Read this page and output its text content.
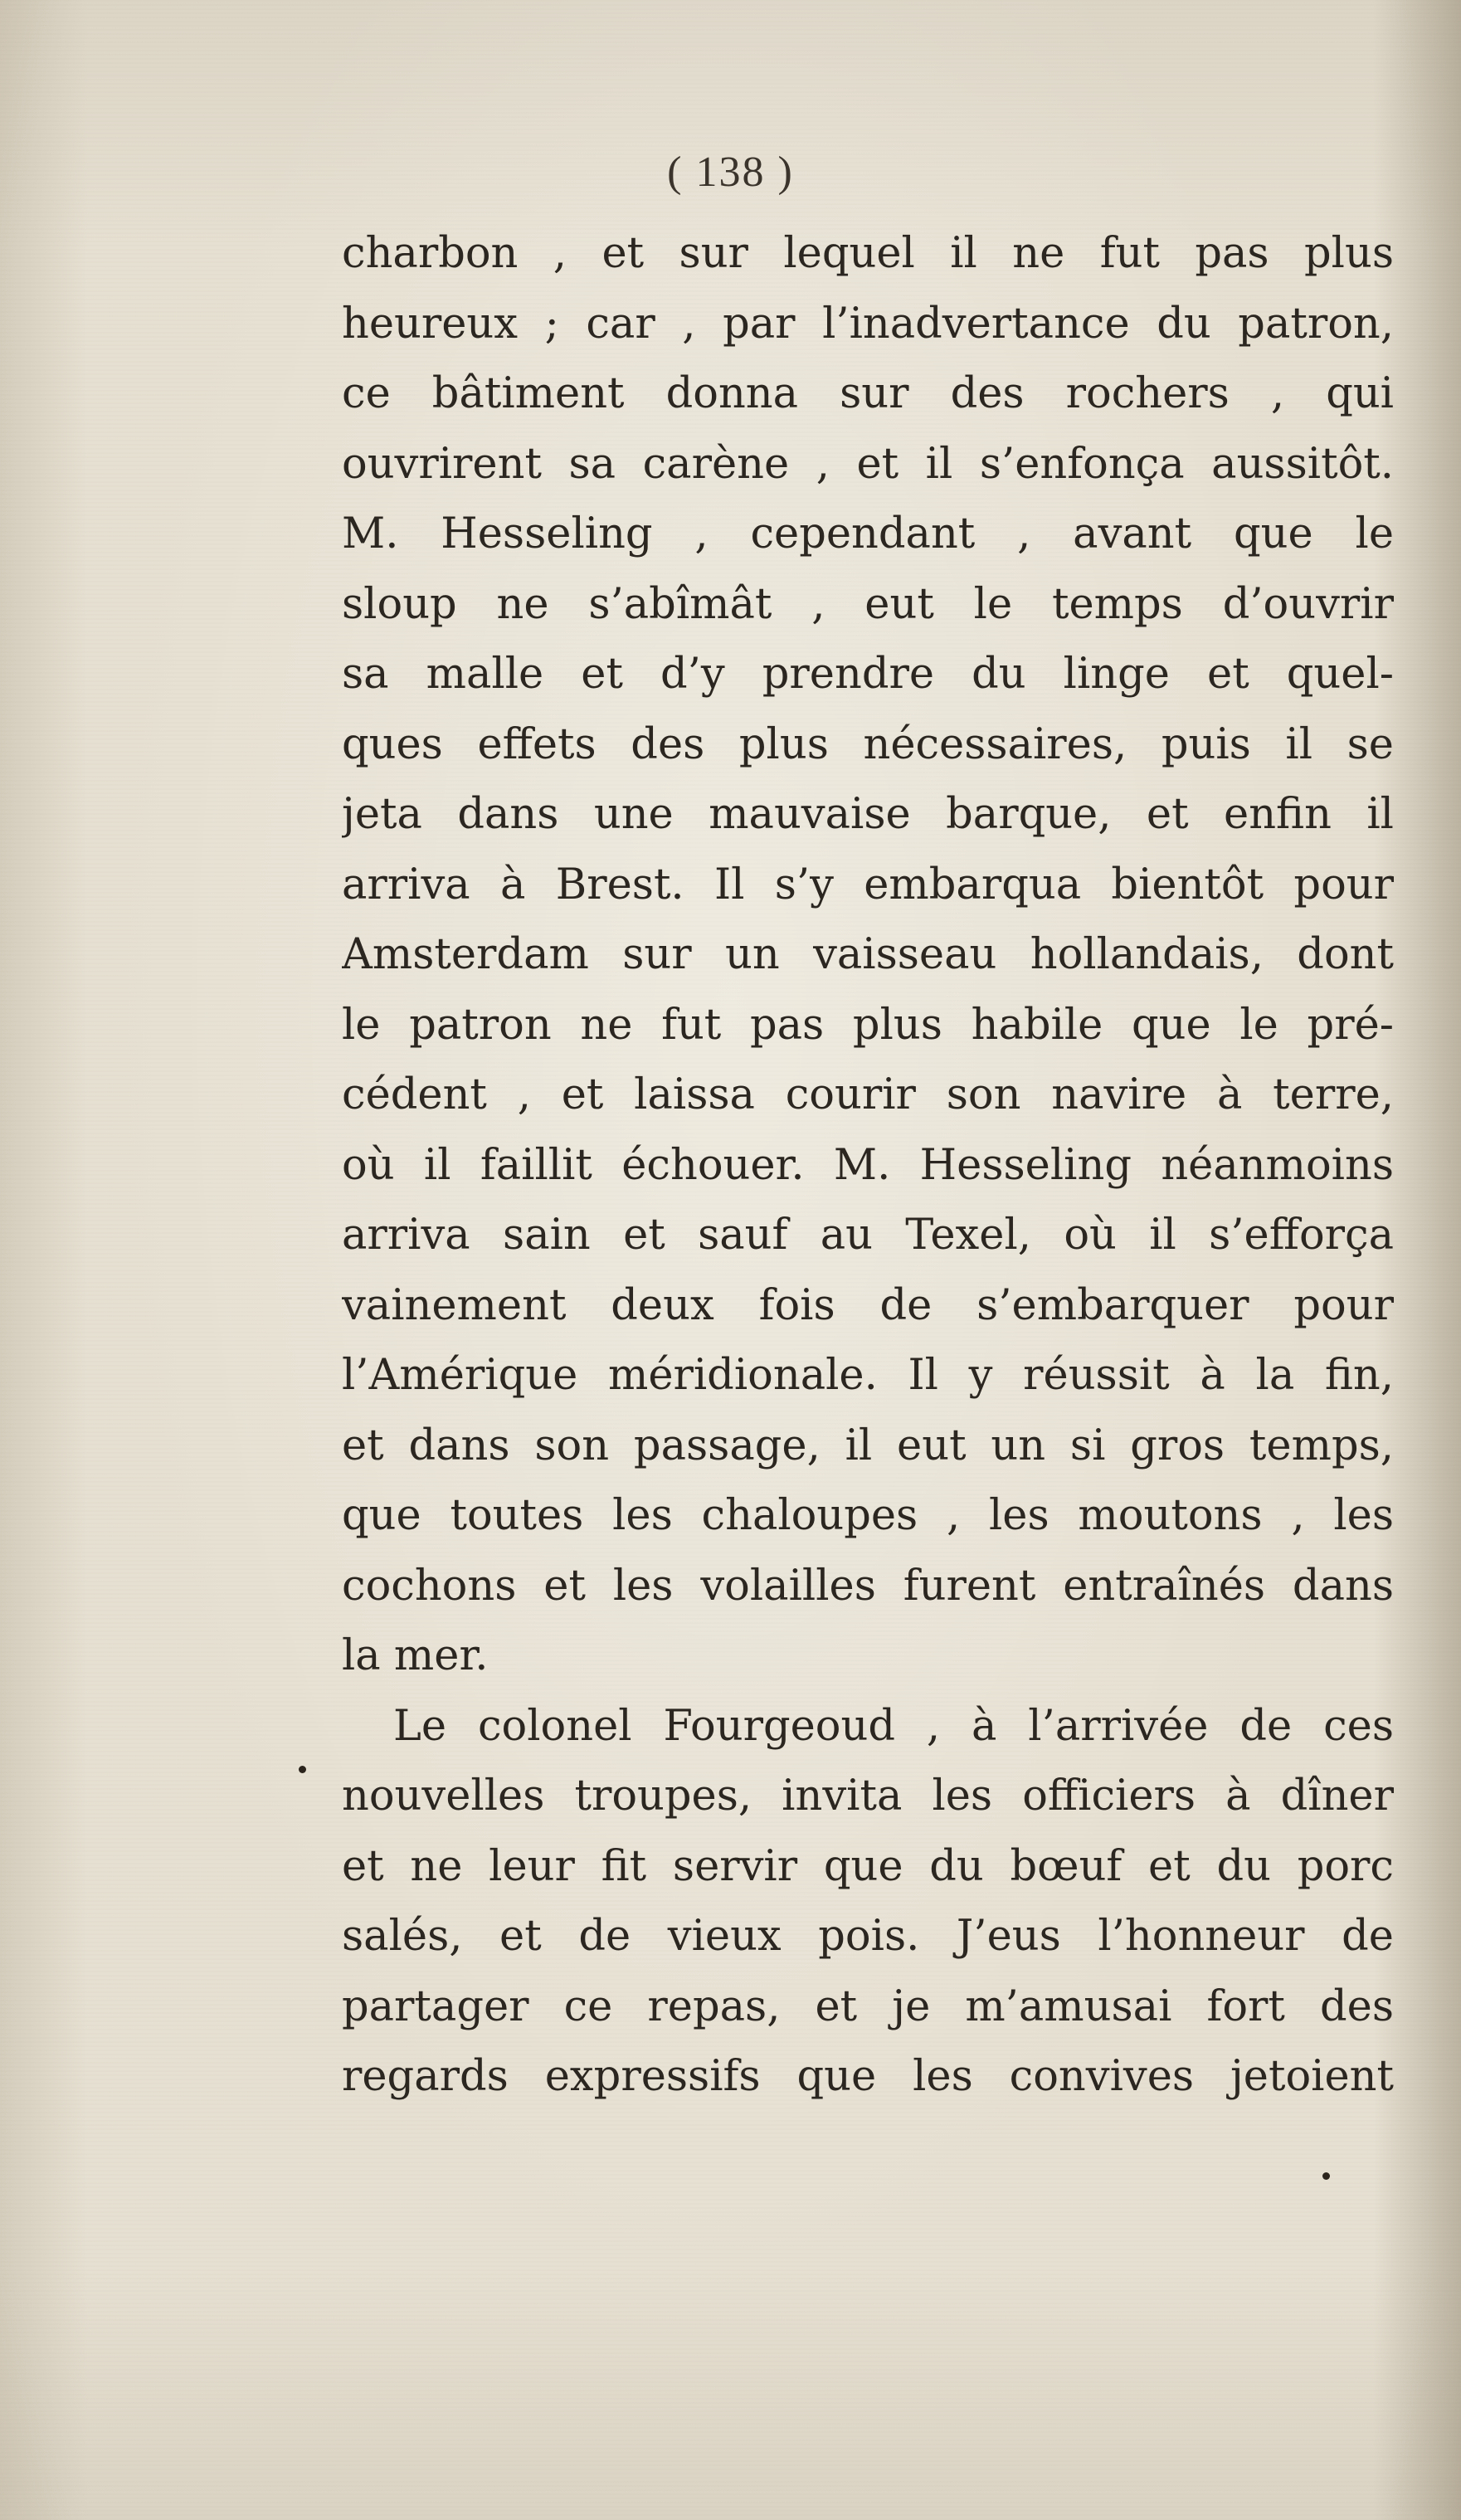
( 138 )
charbon , et sur lequel il ne fut pas plus
heureux ; car , par l’inadvertance du patron,
ce bâtiment donna sur des rochers , qui
ouvrirent sa carène , et il s’enfonça aussitôt.
M. Hesseling , cependant , avant que le
sloup ne s’abîmât , eut le temps d’ouvrir
sa malle et d’y prendre du linge et quel-
ques effets des plus nécessaires, puis il se
jeta dans une mauvaise barque, et enfin il
arriva à Brest. Il s’y embarqua bientôt pour
Amsterdam sur un vaisseau hollandais, dont
le patron ne fut pas plus habile que le pré-
cédent , et laissa courir son navire à terre,
où il faillit échouer. M. Hesseling néanmoins
arriva sain et sauf au Texel, où il s’efforça
vainement deux fois de s’embarquer pour
l’Amérique méridionale. Il y réussit à la fin,
et dans son passage, il eut un si gros temps,
que toutes les chaloupes , les moutons , les
cochons et les volailles furent entraînés dans
la mer.
Le colonel Fourgeoud , à l’arrivée de ces
nouvelles troupes, invita les officiers à dîner
et ne leur fit servir que du bœuf et du porc
salés, et de vieux pois. J’eus l’honneur de
partager ce repas, et je m’amusai fort des
regards expressifs que les convives jetoient
